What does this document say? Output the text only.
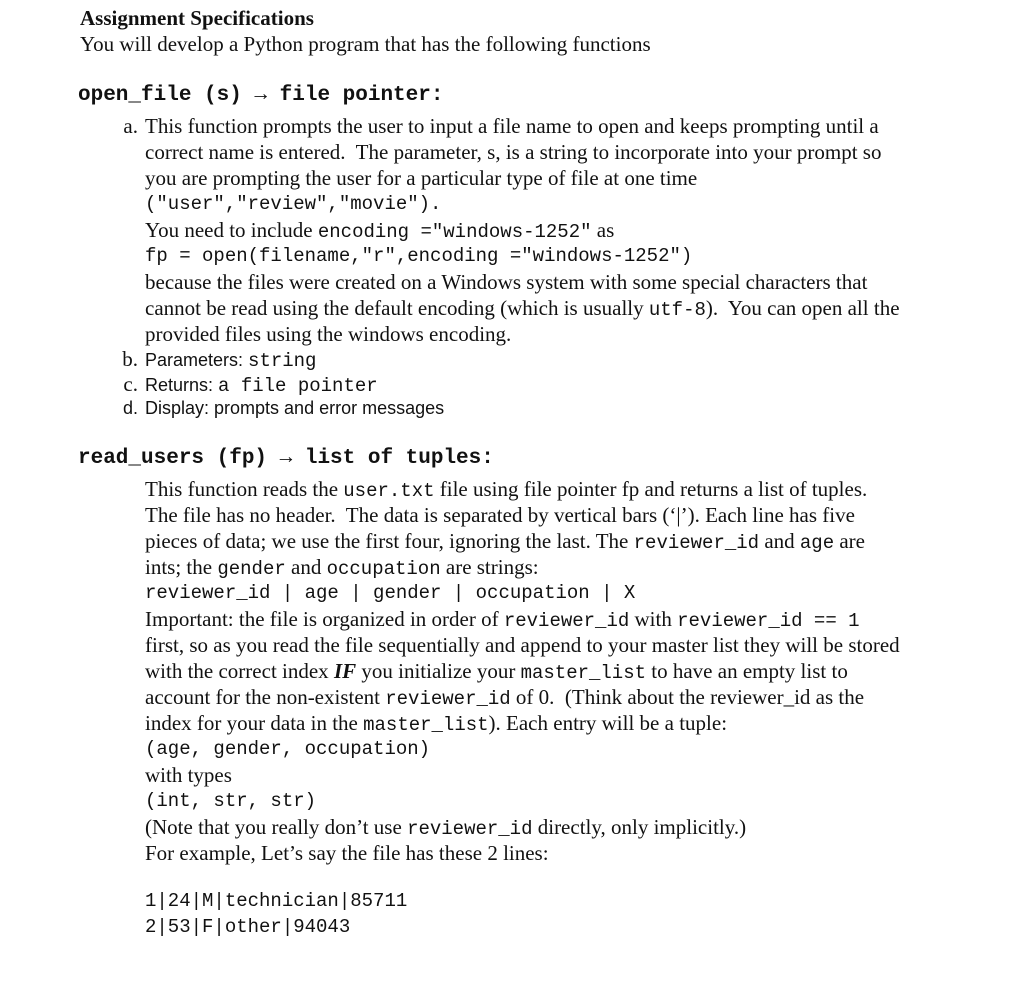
Assignment Specifications
You will develop a Python program that has the following functions
open_file (s) → file pointer:
a. This function prompts the user to input a file name to open and keeps prompting until a
correct name is entered.  The parameter, s, is a string to incorporate into your prompt so
you are prompting the user for a particular type of file at one time
("user","review","movie").
You need to include encoding ="windows-1252" as
fp = open(filename,"r",encoding ="windows-1252")
because the files were created on a Windows system with some special characters that
cannot be read using the default encoding (which is usually utf-8).  You can open all the
provided files using the windows encoding.
b. Parameters: string
c. Returns: a file pointer
d. Display: prompts and error messages
read_users (fp) → list of tuples:
This function reads the user.txt file using file pointer fp and returns a list of tuples.
The file has no header.  The data is separated by vertical bars (‘|’). Each line has five
pieces of data; we use the first four, ignoring the last. The reviewer_id and age are
ints; the gender and occupation are strings:
reviewer_id | age | gender | occupation | X
Important: the file is organized in order of reviewer_id with reviewer_id == 1
first, so as you read the file sequentially and append to your master list they will be stored
with the correct index IF you initialize your master_list to have an empty list to
account for the non-existent reviewer_id of 0.  (Think about the reviewer_id as the
index for your data in the master_list). Each entry will be a tuple:
(age, gender, occupation)
with types
(int, str, str)
(Note that you really don’t use reviewer_id directly, only implicitly.)
For example, Let’s say the file has these 2 lines:
1|24|M|technician|85711
2|53|F|other|94043
